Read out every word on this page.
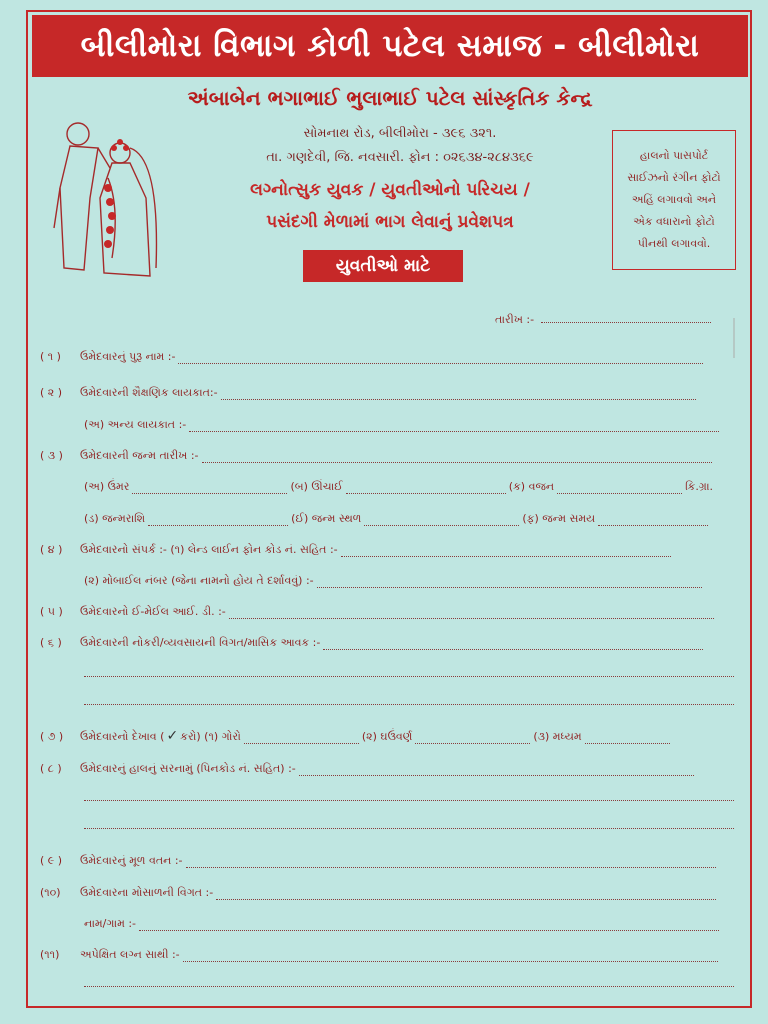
બીલીમોરા વિભાગ કોળી પટેલ સમાજ - બીલીમોરા
અંબાબેન ભગાભાઈ ભુલાભાઈ પટેલ સાંસ્કૃતિક કેન્દ્ર
સોમનાથ રોડ, બીલીમોરા - ૩૯૬ ૩૨૧.
તા. ગણદેવી, જિ. નવસારી. ફોન : ૦૨૬૩૪-૨૮૪૩૬૯
લગ્નોત્સુક યુવક / યુવતીઓનો પરિચય /
પસંદગી મેળામાં ભાગ લેવાનું પ્રવેશપત્ર
યુવતીઓ માટે
હાલનો પાસપોર્ટ
સાઈઝનો રંગીન ફોટો
અહિં લગાવવો અને
એક વધારાનો ફોટો
પીનથી લગાવવો.
તારીખ :-
( ૧ )	ઉમેદવારનું પુરૂ નામ :-
( ૨ )	ઉમેદવારની શૈક્ષણિક લાયકાત:-
(અ) અન્ય લાયકાત :-
( ૩ )	ઉમેદવારની જન્મ તારીખ :-
(અ) ઉંમર	(બ) ઊંચાઈ	(ક) વજન	કિ.ગ્રા.
(ડ) જન્મરાશિ	(ઈ) જન્મ સ્થળ	(ફ) જન્મ સમય
( ૪ )	ઉમેદવારનો સંપર્ક :- (૧) લેન્ડ લાઈન ફોન કોડ નં. સહિત :-
(૨) મોબાઈલ નંબર (જેના નામનો હોય તે દર્શાવવું) :-
( ૫ )	ઉમેદવારનો ઈ-મેઈલ આઈ. ડી. :-
( ૬ )	ઉમેદવારની નોકરી/વ્યવસાયની વિગત/માસિક આવક :-
( ૭ )	ઉમેદવારનો દેખાવ ( ✓ કરો) (૧) ગોરો	(૨) ઘઉંવર્ણ	(૩) મધ્યમ
( ૮ )	ઉમેદવારનું હાલનું સરનામું (પિનકોડ નં. સહિત) :-
( ૯ )	ઉમેદવારનું મૂળ વતન :-
(૧૦)	ઉમેદવારના મોસાળની વિગત :-
નામ/ગામ :-
(૧૧)	અપેક્ષિત લગ્ન સાથી :-
